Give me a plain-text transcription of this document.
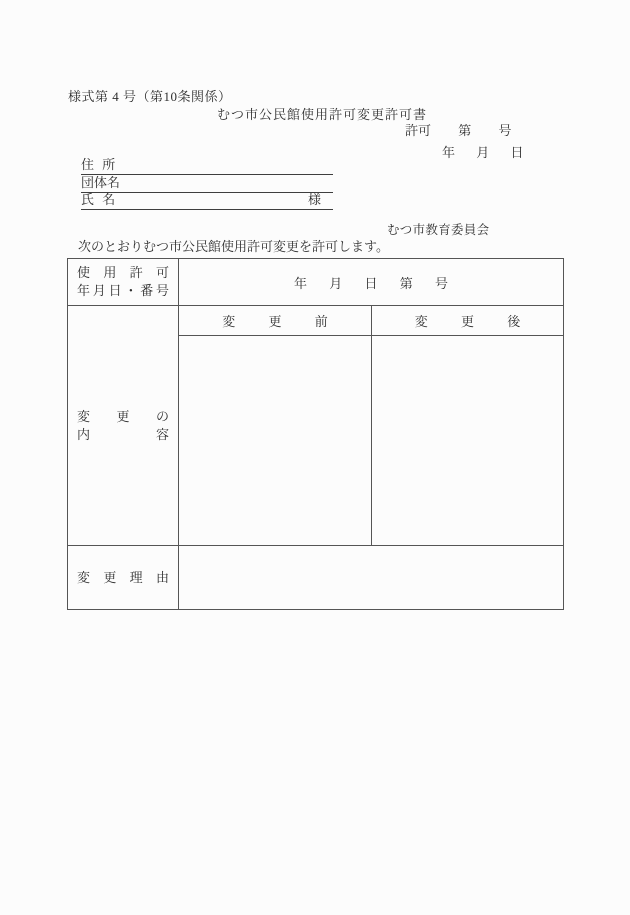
様式第 4 号（第10条関係）
むつ市公民館使用許可変更許可書
許可 第 号
年 月 日
住 所
団体名
氏 名	様
むつ市教育委員会
次のとおりむつ市公民館使用許可変更を許可します。
使 用 許 可
年 月 日 ・ 番 号	年 月 日 第 号

変 更 の
内 容	変 更 前	変 更 後

変 更 理 由		
